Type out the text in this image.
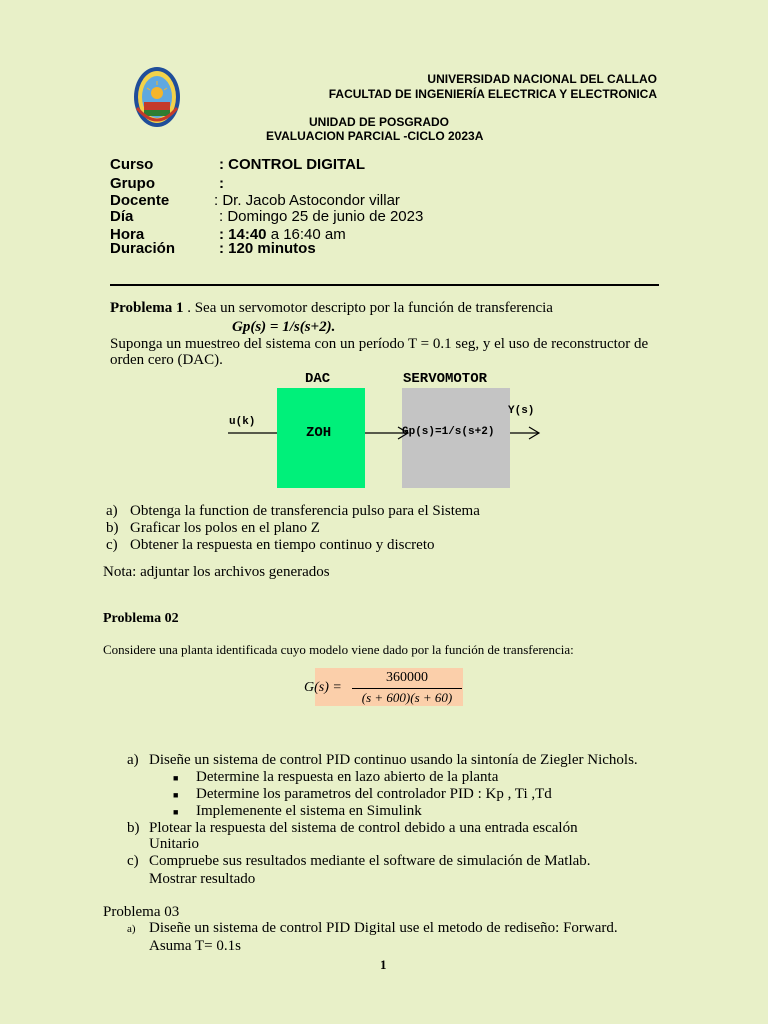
UNIVERSIDAD NACIONAL DEL CALLAO
FACULTAD DE INGENIERÍA ELECTRICA Y ELECTRONICA
UNIDAD DE POSGRADO
EVALUACION PARCIAL -CICLO 2023A
Curso	: CONTROL DIGITAL
Grupo	:
Docente	: Dr. Jacob Astocondor villar
Día	: Domingo 25 de junio de 2023
Hora	: 14:40 a 16:40 am
Duración	: 120 minutos
Problema 1 . Sea un servomotor descripto por la función de transferencia
Gp(s) = 1/s(s+2).
Suponga un muestreo del sistema con un período T = 0.1 seg, y el uso de reconstructor de
orden cero (DAC).
DAC	SERVOMOTOR
u(k)
ZOH	Gp(s)=1/s(s+2)
Y(s)
a) Obtenga la function de transferencia pulso para el Sistema
b) Graficar los polos en el plano Z
c) Obtener la respuesta en tiempo continuo y discreto
Nota: adjuntar los archivos generados
Problema 02
Considere una planta identificada cuyo modelo viene dado por la función de transferencia:
G(s) =
360000
(s + 600)(s + 60)
a) Diseñe un sistema de control PID continuo usando la sintonía de Ziegler Nichols.
■ Determine la respuesta en lazo abierto de la planta
■ Determine los parametros del controlador PID : Kp , Ti ,Td
■ Implemenente el sistema en Simulink
b) Plotear la respuesta del sistema de control debido a una entrada escalón
Unitario
c) Compruebe sus resultados mediante el software de simulación de Matlab.
Mostrar resultado
Problema 03
a) Diseñe un sistema de control PID Digital use el metodo de rediseño: Forward.
Asuma T= 0.1s
1
